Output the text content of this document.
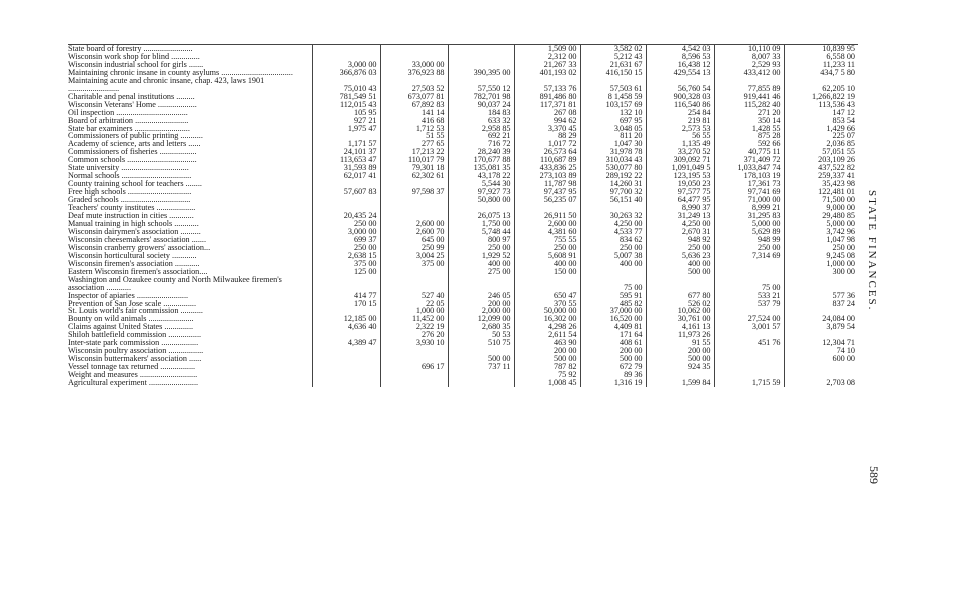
State board of forestry ........................				1,509 00	3,582 02	4,542 03	10,110 09	10,839 95
Wisconsin work shop for blind ..............				2,312 00	5,212 43	8,596 53	8,007 33	6,558 00
Wisconsin industrial school for girls .......	3,000 00	33,000 00		21,267 33	21,631 67	16,438 12	2,529 93	11,233 11
Maintaining chronic insane in county asylums ...................................	366,876 03	376,923 88	390,395 00	401,193 02	416,150 15	429,554 13	433,412 00	434,7 5 80
Maintaining acute and chronic insane, chap. 423, laws 1901 .........................	75,010 43	27,503 52	57,550 12	57,133 76	57,503 61	56,760 54	77,855 89	62,205 10
Charitable and penal institutions .........	781,549 51	673,077 81	782,701 98	891,486 80	8 1,458 59	900,328 03	919,441 46	1,266,822 19
Wisconsin Veterans' Home ...................	112,015 43	67,892 83	90,037 24	117,371 81	103,157 69	116,540 86	115,282 40	113,536 43
Oil inspection ...................................	105 95	141 14	184 83	267 08	132 10	254 84	271 20	147 12
Board of arbitration ..........................	927 21	416 68	633 32	994 62	697 95	219 81	350 14	853 54
State bar examiners ...........................	1,975 47	1,712 53	2,958 85	3,370 45	3,048 05	2,573 53	1,428 55	1,429 66
Commissioners of public printing ...........		51 55	692 21	88 29	811 20	56 55	875 28	225 07
Academy of science, arts and letters ......	1,171 57	277 65	716 72	1,017 72	1,047 30	1,135 49	592 66	2,036 85
Commissioners of fisheries ..................	24,101 37	17,213 22	28,240 39	26,573 64	31,978 78	33,270 52	40,775 11	57,051 55
Common schools ..................................	113,653 47	110,017 79	170,677 88	110,687 89	310,034 43	309,092 71	371,409 72	203,109 26
State university .................................	31,593 89	79,301 18	135,081 35	433,836 25	530,077 80	1,091,049 5	1,033,847 74	437,522 82
Normal schools ..................................	62,017 41	62,302 61	43,178 22	273,103 89	289,192 22	123,195 53	178,103 19	259,337 41
County training school for teachers ........			5,544 30	11,787 98	14,260 31	19,050 23	17,361 73	35,423 98
Free high schools ...............................	57,607 83	97,598 37	97,927 73	97,437 95	97,700 32	97,577 75	97,741 69	122,481 01
Graded schools ..................................			50,800 00	56,235 07	56,151 40	64,477 95	71,000 00	71,500 00
Teachers' county institutes ...................						8,990 37	8,999 21	9,000 00
Deaf mute instruction in cities ............	20,435 24		26,075 13	26,911 50	30,263 32	31,249 13	31,295 83	29,480 85
Manual training in high schools ............	250 00	2,600 00	1,750 00	2,600 00	4,250 00	4,250 00	5,000 00	5,000 00
Wisconsin dairymen's association ..........	3,000 00	2,600 70	5,748 44	4,381 60	4,533 77	2,670 31	5,629 89	3,742 96
Wisconsin cheesemakers' association .......	699 37	645 00	800 97	755 55	834 62	948 92	948 99	1,047 98
Wisconsin cranberry growers' association...	250 00	250 99	250 00	250 00	250 00	250 00	250 00	250 00
Wisconsin horticultural society ............	2,638 15	3,004 25	1,929 52	5,608 91	5,007 38	5,636 23	7,314 69	9,245 08
Wisconsin firemen's association ............	375 00	375 00	400 00	400 00	400 00	400 00		1,000 00
Eastern Wisconsin firemen's association....	125 00		275 00	150 00		500 00		300 00
Washington and Ozaukee county and North Milwaukee firemen's association ............					75 00		75 00	
Inspector of apiaries .........................	414 77	527 40	246 05	650 47	595 91	677 80	533 21	577 36
Prevention of San Jose scale ................	170 15	22 05	200 00	370 55	485 82	526 02	537 79	837 24
St. Louis world's fair commission ...........		1,000 00	2,000 00	50,000 00	37,000 00	10,062 00		
Bounty on wild animals ......................	12,185 00	11,452 00	12,099 00	16,302 00	16,520 00	30,761 00	27,524 00	24,084 00
Claims against United States ..............	4,636 40	2,322 19	2,680 35	4,298 26	4,409 81	4,161 13	3,001 57	3,879 54
Shiloh battlefield commission ................		276 20	50 53	2,611 54	171 64	11,973 26		
Inter-state park commission ..................	4,389 47	3,930 10	510 75	463 90	408 61	91 55	451 76	12,304 71
Wisconsin poultry association .................				200 00	200 00	200 00		74 10
Wisconsin buttermakers' association ......			500 00	500 00	500 00	500 00		600 00
Vessel tonnage tax returned .................		696 17	737 11	787 82	672 79	924 35		
Weight and measures ............................				75 92	89 36			
Agricultural experiment ........................				1,008 45	1,316 19	1,599 84	1,715 59	2,703 08
STATE FINANCES.
589
